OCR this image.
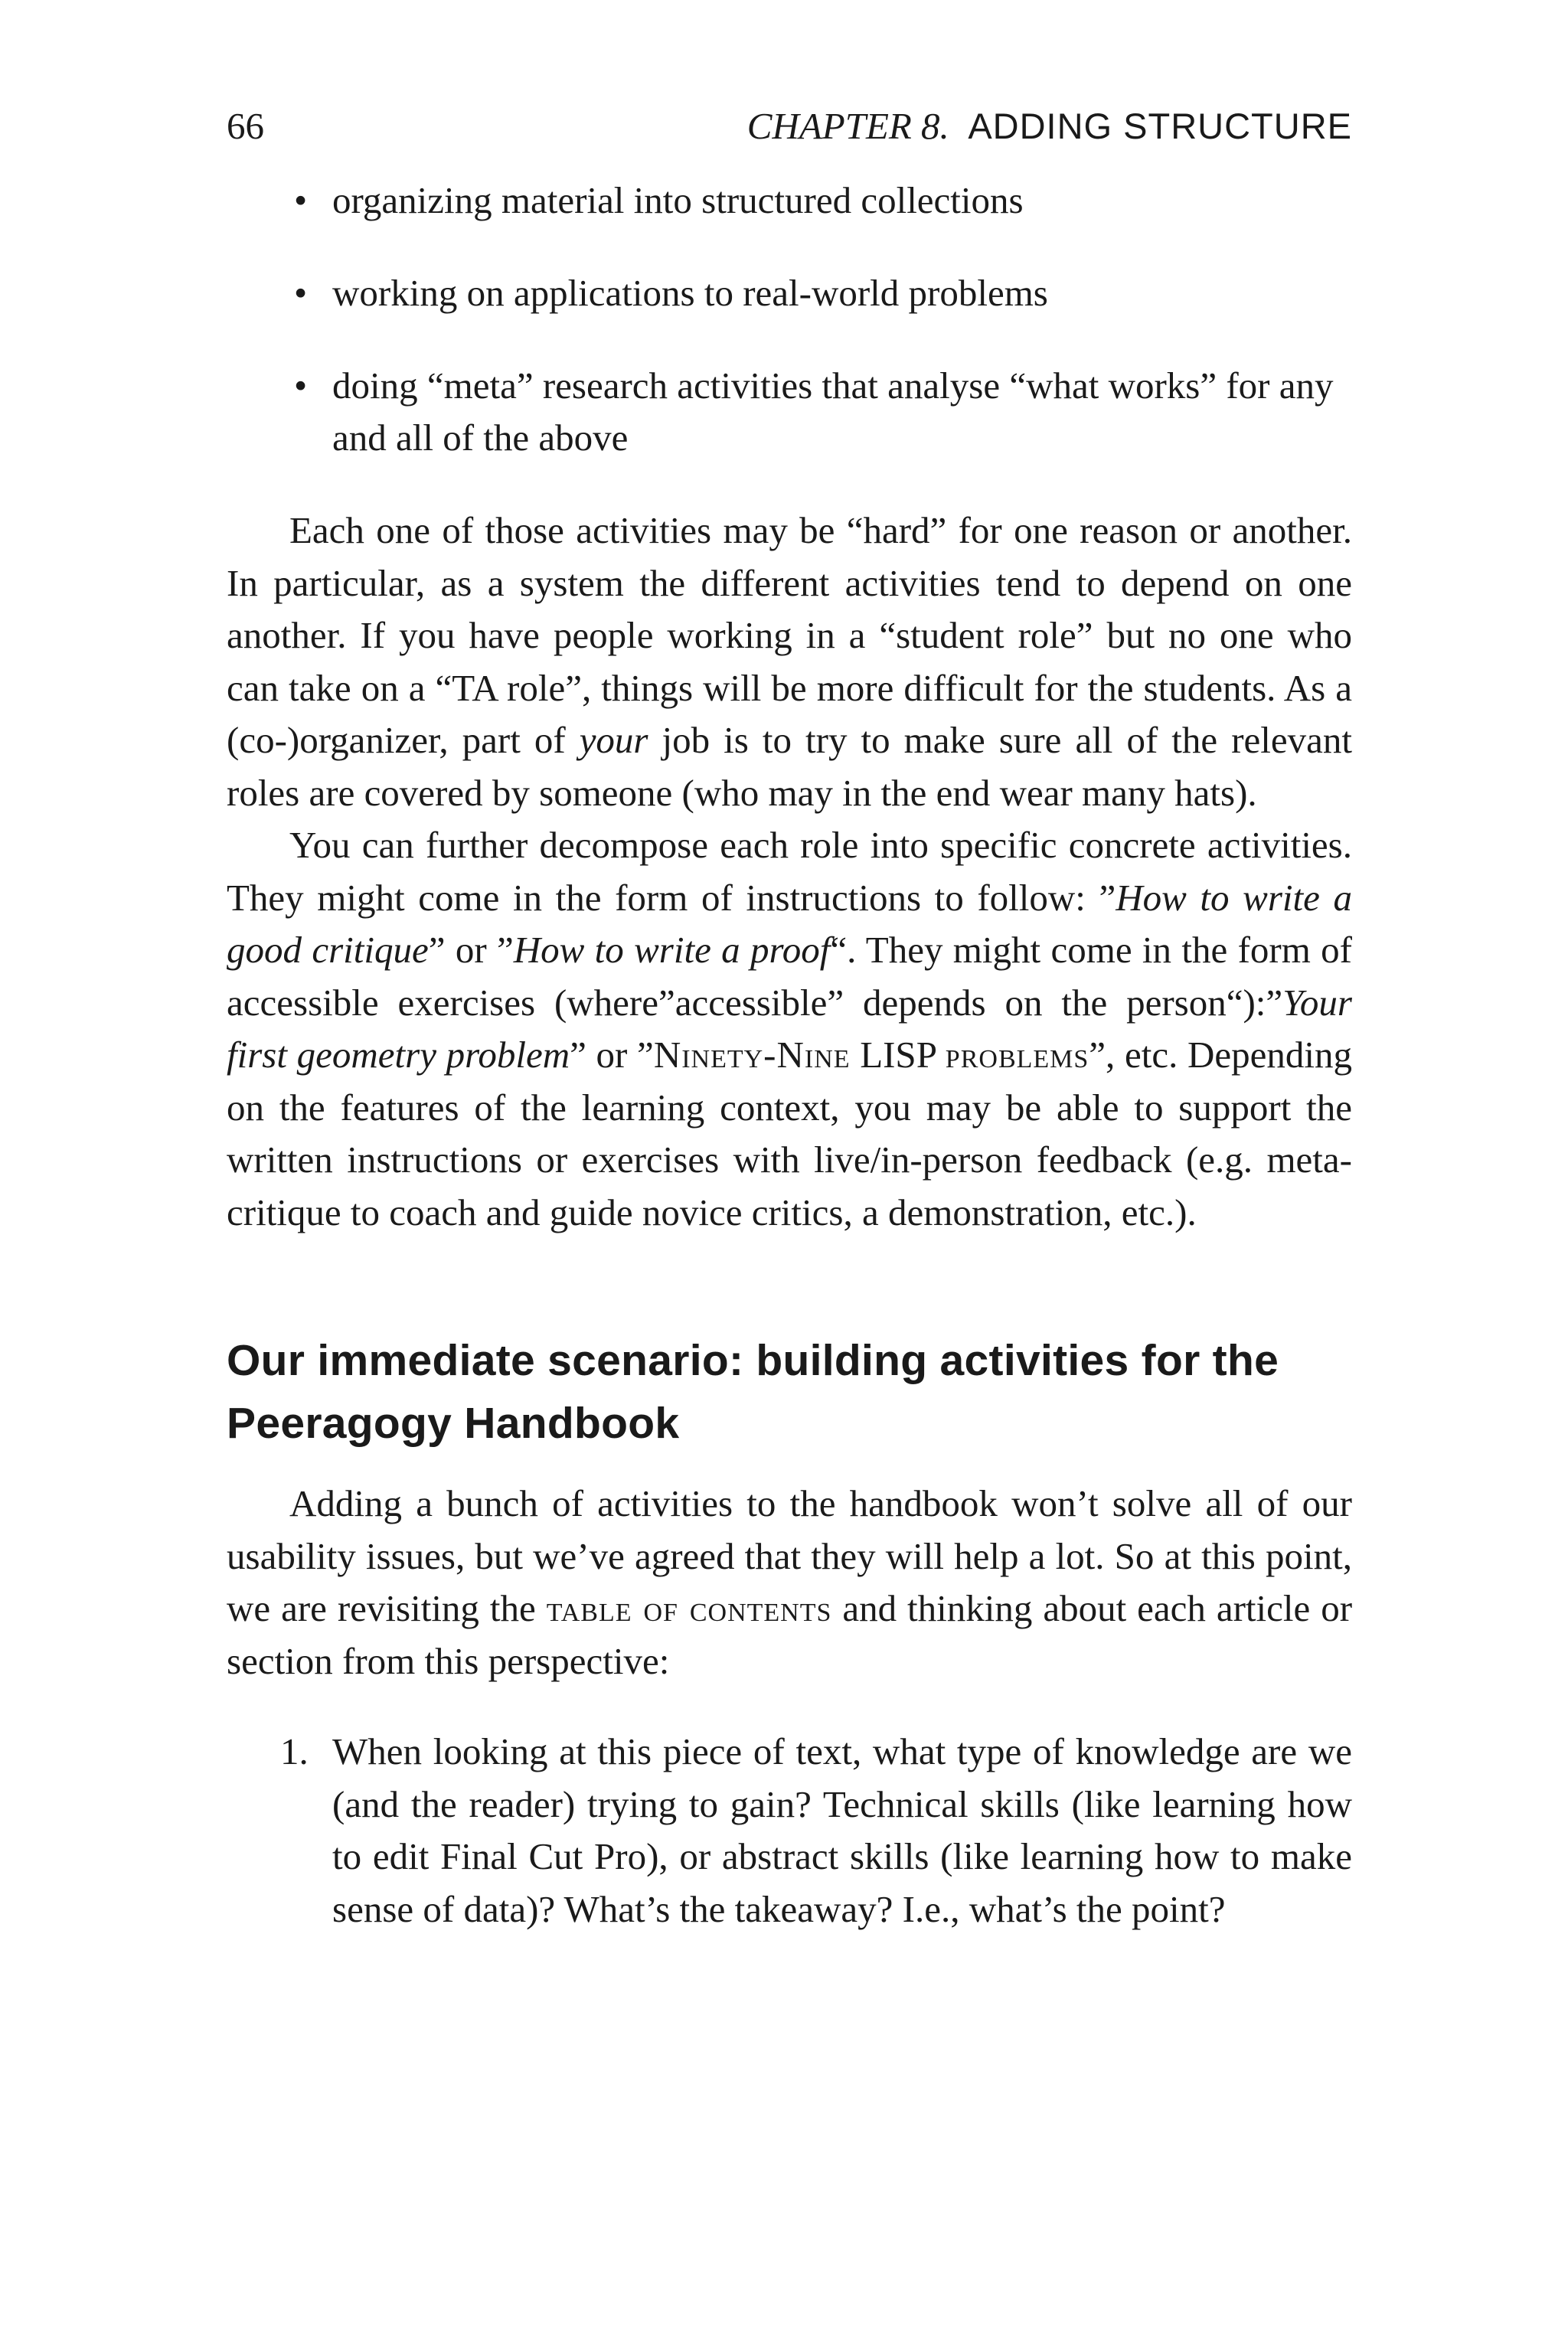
66	CHAPTER 8. ADDING STRUCTURE
• organizing material into structured collections
• working on applications to real-world problems
• doing “meta” research activities that analyse “what works” for any and all of the above

Each one of those activities may be “hard” for one reason or another. In particular, as a system the different activities tend to depend on one another. If you have people working in a “student role” but no one who can take on a “TA role”, things will be more difficult for the students. As a (co-)organizer, part of your job is to try to make sure all of the relevant roles are covered by someone (who may in the end wear many hats).

You can further decompose each role into specific concrete activities. They might come in the form of instructions to follow: ”How to write a good critique” or ”How to write a proof“. They might come in the form of accessible exercises (where”accessible” depends on the person“):”Your first geometry problem” or ”Ninety-Nine LISP problems”, etc. Depending on the features of the learning context, you may be able to support the written instructions or exercises with live/in-person feedback (e.g. meta-critique to coach and guide novice critics, a demonstration, etc.).

Our immediate scenario: building activities for the Peeragogy Handbook

Adding a bunch of activities to the handbook won’t solve all of our usability issues, but we’ve agreed that they will help a lot. So at this point, we are revisiting the table of contents and thinking about each article or section from this perspective:

1. When looking at this piece of text, what type of knowledge are we (and the reader) trying to gain? Technical skills (like learning how to edit Final Cut Pro), or abstract skills (like learning how to make sense of data)? What’s the takeaway? I.e., what’s the point?
